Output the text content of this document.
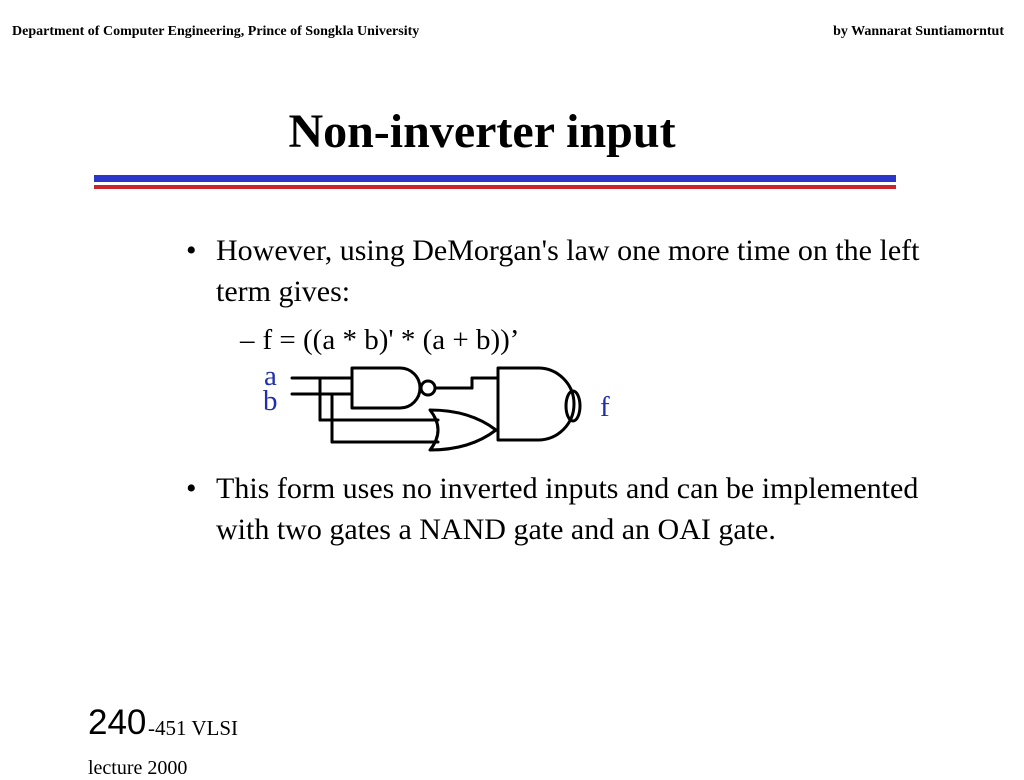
Department of Computer Engineering, Prince of Songkla University	by Wannarat Suntiamorntut
Non-inverter input
• However, using DeMorgan's law one more time on the left term gives:
– f = ((a * b)' * (a + b))’
a
b	f
• This form uses no inverted inputs and can be implemented with two gates a NAND gate and an OAI gate.
240 -451 VLSI
lecture 2000
